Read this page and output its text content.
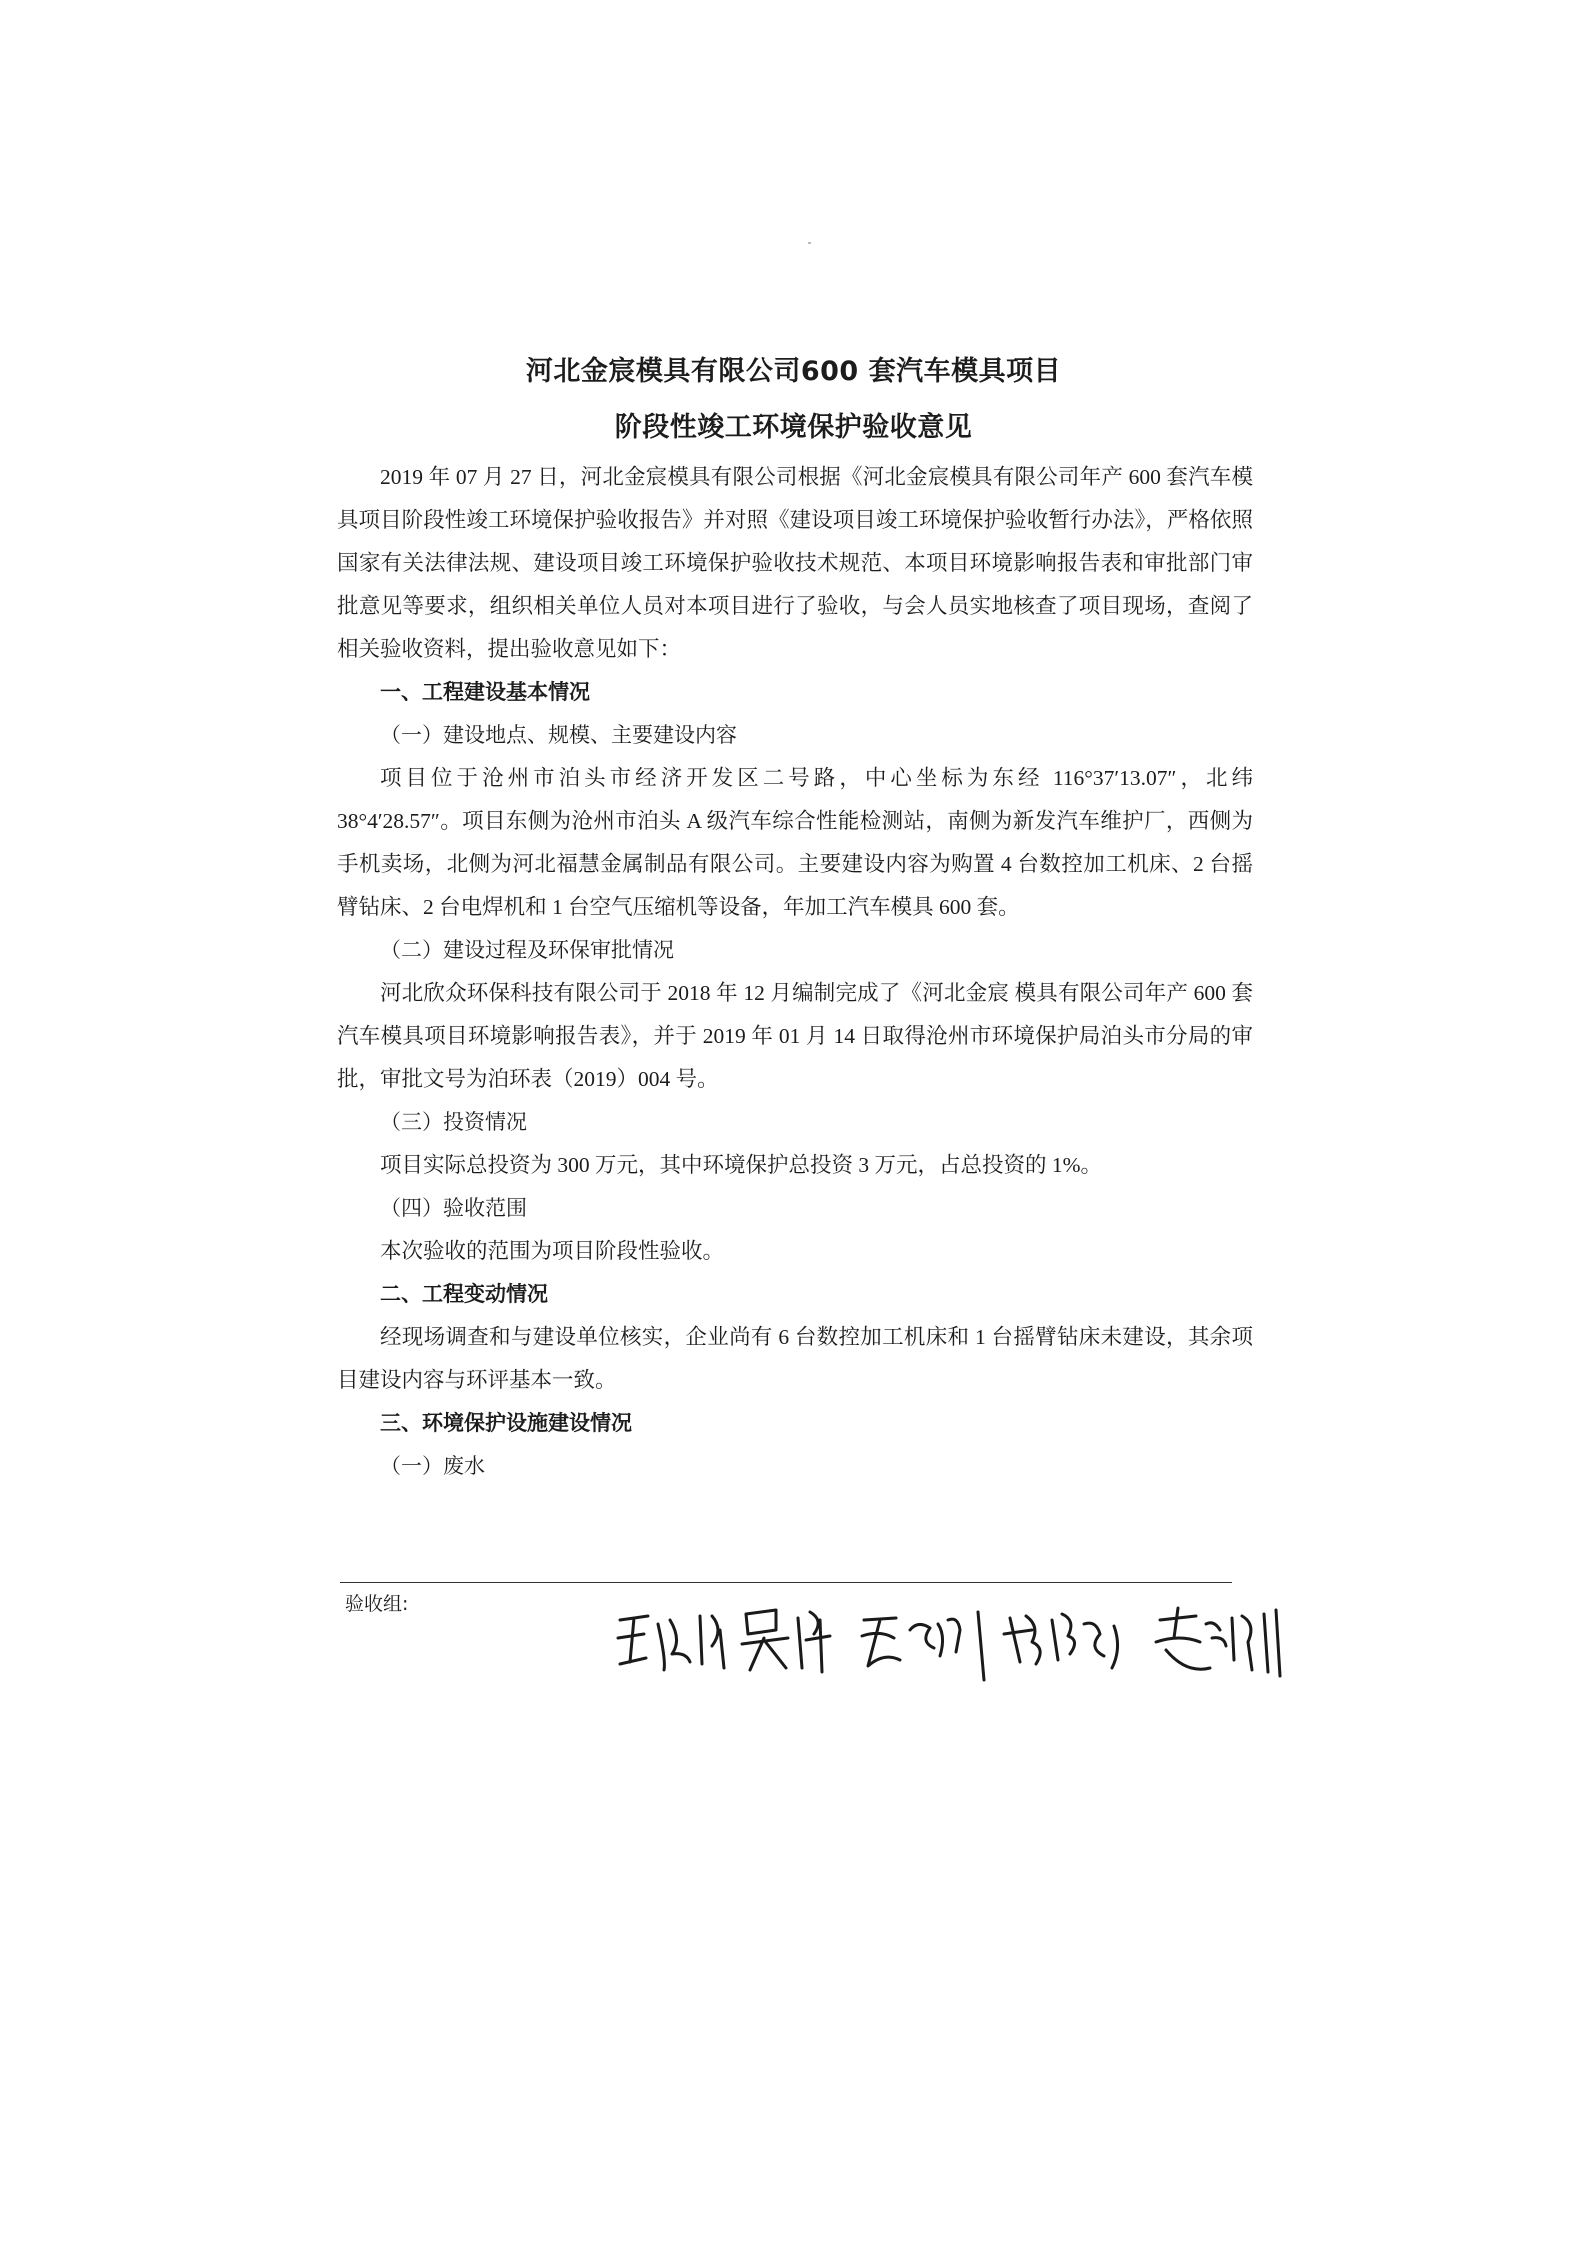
河北金宸模具有限公司600 套汽车模具项目
阶段性竣工环境保护验收意见

2019 年 07 月 27 日，河北金宸模具有限公司根据《河北金宸模具有限公司年产 600 套汽车模具项目阶段性竣工环境保护验收报告》并对照《建设项目竣工环境保护验收暂行办法》，严格依照国家有关法律法规、建设项目竣工环境保护验收技术规范、本项目环境影响报告表和审批部门审批意见等要求，组织相关单位人员对本项目进行了验收，与会人员实地核查了项目现场，查阅了相关验收资料，提出验收意见如下：

一、工程建设基本情况

（一）建设地点、规模、主要建设内容

项目位于沧州市泊头市经济开发区二号路，中心坐标为东经 116°37′13.07″，北纬 38°4′28.57″。项目东侧为沧州市泊头 A 级汽车综合性能检测站，南侧为新发汽车维护厂，西侧为手机卖场，北侧为河北福慧金属制品有限公司。主要建设内容为购置 4 台数控加工机床、2 台摇臂钻床、2 台电焊机和 1 台空气压缩机等设备，年加工汽车模具 600 套。

（二）建设过程及环保审批情况

河北欣众环保科技有限公司于 2018 年 12 月编制完成了《河北金宸 模具有限公司年产 600 套汽车模具项目环境影响报告表》，并于 2019 年 01 月 14 日取得沧州市环境保护局泊头市分局的审批，审批文号为泊环表（2019）004 号。

（三）投资情况

项目实际总投资为 300 万元，其中环境保护总投资 3 万元，占总投资的 1%。

（四）验收范围

本次验收的范围为项目阶段性验收。

二、工程变动情况

经现场调查和与建设单位核实，企业尚有 6 台数控加工机床和 1 台摇臂钻床未建设，其余项目建设内容与环评基本一致。

三、环境保护设施建设情况

（一）废水

验收组:
